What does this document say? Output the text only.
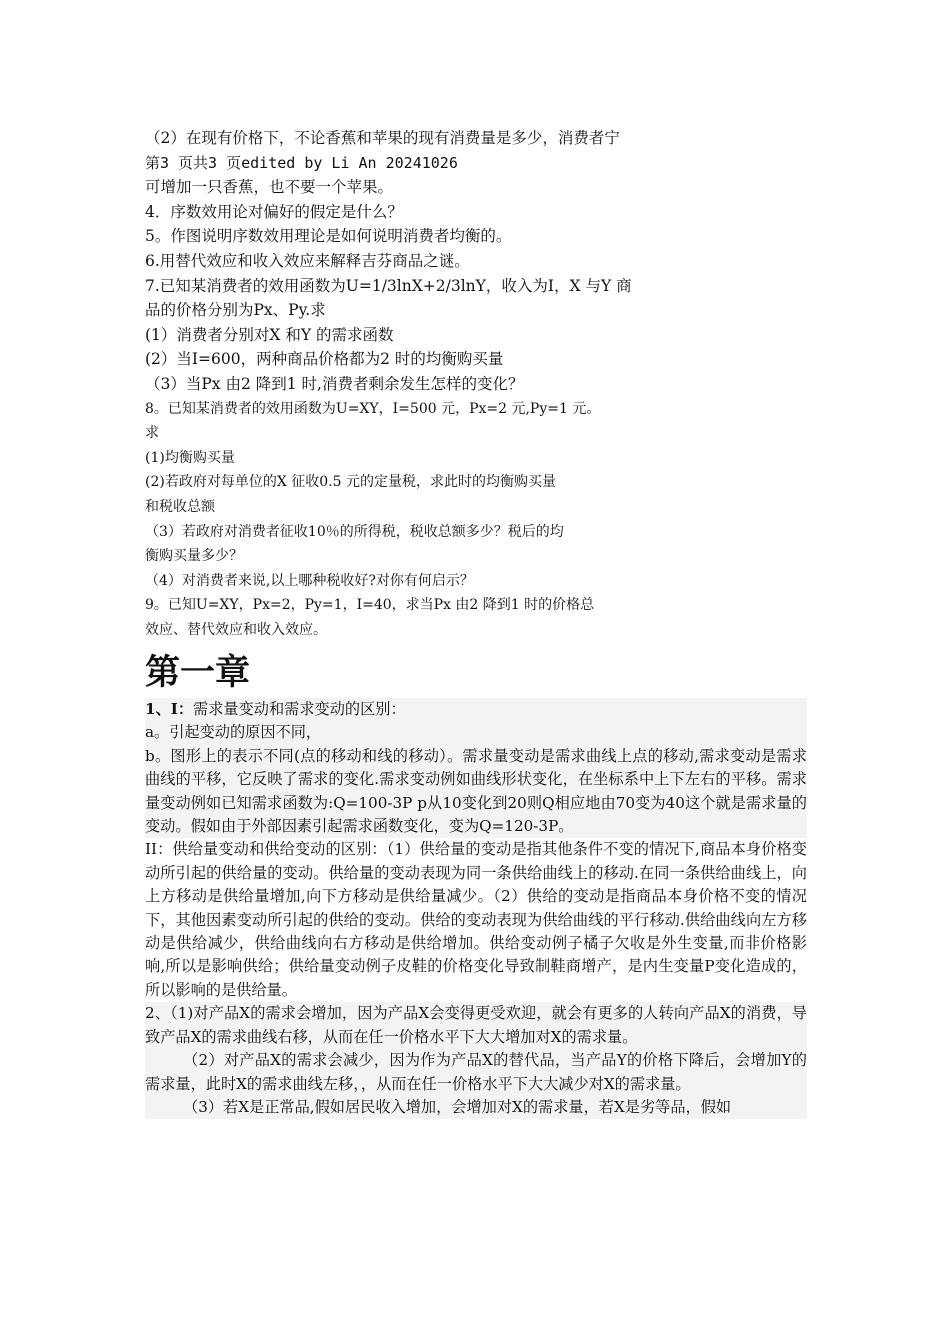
（2）在现有价格下，不论香蕉和苹果的现有消费量是多少，消费者宁

第3 页共3 页edited by Li An 20241026

可增加一只香蕉，也不要一个苹果。

4．序数效用论对偏好的假定是什么？

5。作图说明序数效用理论是如何说明消费者均衡的。

6.用替代效应和收入效应来解释吉芬商品之谜。

7.已知某消费者的效用函数为U=1/3lnX+2/3lnY，收入为I，X 与Y 商

品的价格分别为Px、Py.求

(1）消费者分别对X 和Y 的需求函数

(2）当I=600，两种商品价格都为2 时的均衡购买量

（3）当Px 由2 降到1 时,消费者剩余发生怎样的变化？

8。已知某消费者的效用函数为U=XY，I=500 元，Px=2 元,Py=1 元。

求

(1)均衡购买量

(2)若政府对每单位的X 征收0.5 元的定量税，求此时的均衡购买量

和税收总额

（3）若政府对消费者征收10％的所得税，税收总额多少？税后的均

衡购买量多少？

（4）对消费者来说,以上哪种税收好?对你有何启示？

9。已知U=XY，Px=2，Py=1，I=40，求当Px 由2 降到1 时的价格总

效应、替代效应和收入效应。

第一章

1、I：需求量变动和需求变动的区别：

a。引起变动的原因不同，

b。图形上的表示不同(点的移动和线的移动）。需求量变动是需求曲线上点的移动,需求变动是需求曲线的平移，它反映了需求的变化.需求变动例如曲线形状变化，在坐标系中上下左右的平移。需求量变动例如已知需求函数为:Q=100-3P p从10变化到20则Q相应地由70变为40这个就是需求量的变动。假如由于外部因素引起需求函数变化，变为Q=120-3P。

II：供给量变动和供给变动的区别：（1）供给量的变动是指其他条件不变的情况下,商品本身价格变动所引起的供给量的变动。供给量的变动表现为同一条供给曲线上的移动.在同一条供给曲线上，向上方移动是供给量增加,向下方移动是供给量减少。（2）供给的变动是指商品本身价格不变的情况下，其他因素变动所引起的供给的变动。供给的变动表现为供给曲线的平行移动.供给曲线向左方移动是供给减少，供给曲线向右方移动是供给增加。供给变动例子橘子欠收是外生变量,而非价格影响,所以是影响供给；供给量变动例子皮鞋的价格变化导致制鞋商增产，是内生变量P变化造成的，所以影响的是供给量。

2、（1)对产品X的需求会增加，因为产品X会变得更受欢迎，就会有更多的人转向产品X的消费，导致产品X的需求曲线右移，从而在任一价格水平下大大增加对X的需求量。

（2）对产品X的需求会减少，因为作为产品X的替代品，当产品Y的价格下降后，会增加Y的需求量，此时X的需求曲线左移，，从而在任一价格水平下大大减少对X的需求量。

（3）若X是正常品,假如居民收入增加，会增加对X的需求量，若X是劣等品，假如
